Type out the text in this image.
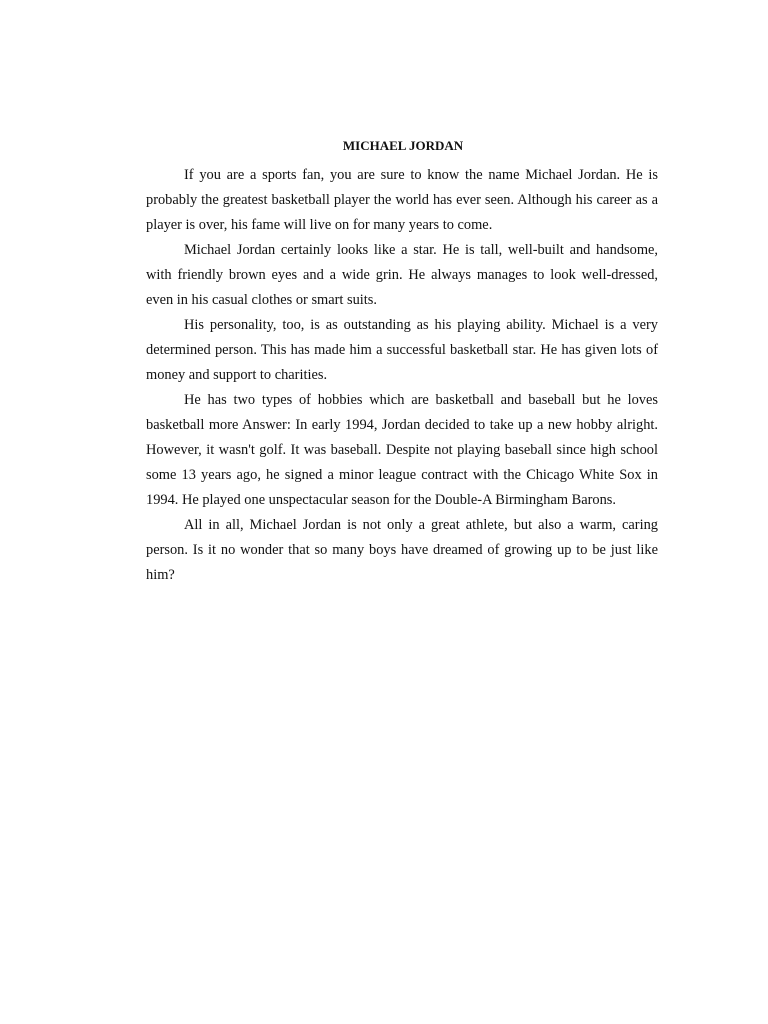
MICHAEL JORDAN

If you are a sports fan, you are sure to know the name Michael Jordan. He is probably the greatest basketball player the world has ever seen. Although his career as a player is over, his fame will live on for many years to come.

Michael Jordan certainly looks like a star. He is tall, well-built and handsome, with friendly brown eyes and a wide grin. He always manages to look well-dressed, even in his casual clothes or smart suits.

His personality, too, is as outstanding as his playing ability. Michael is a very determined person. This has made him a successful basketball star. He has given lots of money and support to charities.

He has two types of hobbies which are basketball and baseball but he loves basketball more Answer: In early 1994, Jordan decided to take up a new hobby alright. However, it wasn't golf. It was baseball. Despite not playing baseball since high school some 13 years ago, he signed a minor league contract with the Chicago White Sox in 1994. He played one unspectacular season for the Double-A Birmingham Barons.

All in all, Michael Jordan is not only a great athlete, but also a warm, caring person. Is it no wonder that so many boys have dreamed of growing up to be just like him?
